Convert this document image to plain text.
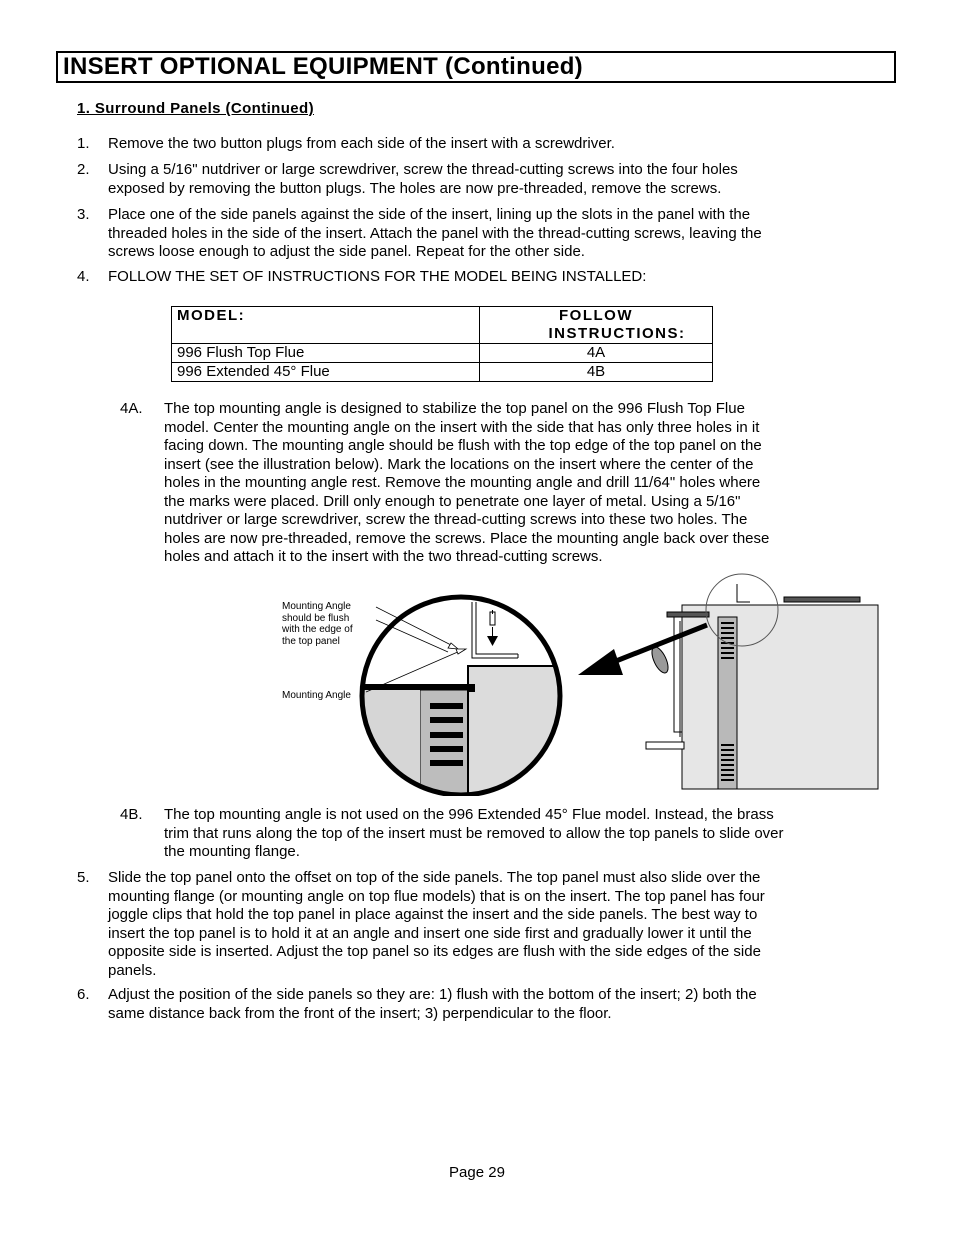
INSERT OPTIONAL EQUIPMENT (Continued)
1. Surround Panels (Continued)
1. Remove the two button plugs from each side of the insert with a screwdriver.
2. Using a 5/16" nutdriver or large screwdriver, screw the thread-cutting screws into the four holes
exposed by removing the button plugs. The holes are now pre-threaded, remove the screws.
3. Place one of the side panels against the side of the insert, lining up the slots in the panel with the
threaded holes in the side of the insert. Attach the panel with the thread-cutting screws, leaving the
screws loose enough to adjust the side panel. Repeat for the other side.
4. FOLLOW THE SET OF INSTRUCTIONS FOR THE MODEL BEING INSTALLED:
MODEL:	FOLLOW
INSTRUCTIONS:

996 Flush Top Flue	4A
996 Extended 45° Flue	4B
4A. The top mounting angle is designed to stabilize the top panel on the 996 Flush Top Flue
model. Center the mounting angle on the insert with the side that has only three holes in it
facing down. The mounting angle should be flush with the top edge of the top panel on the
insert (see the illustration below). Mark the locations on the insert where the center of the
holes in the mounting angle rest. Remove the mounting angle and drill 11/64" holes where
the marks were placed. Drill only enough to penetrate one layer of metal. Using a 5/16"
nutdriver or large screwdriver, screw the thread-cutting screws into these two holes. The
holes are now pre-threaded, remove the screws. Place the mounting angle back over these
holes and attach it to the insert with the two thread-cutting screws.
Mounting Angle
should be flush
with the edge of
the top panel
Mounting Angle
4B. The top mounting angle is not used on the 996 Extended 45° Flue model. Instead, the brass
trim that runs along the top of the insert must be removed to allow the top panels to slide over
the mounting flange.
5. Slide the top panel onto the offset on top of the side panels. The top panel must also slide over the
mounting flange (or mounting angle on top flue models) that is on the insert. The top panel has four
joggle clips that hold the top panel in place against the insert and the side panels. The best way to
insert the top panel is to hold it at an angle and insert one side first and gradually lower it until the
opposite side is inserted. Adjust the top panel so its edges are flush with the side edges of the side
panels.
6. Adjust the position of the side panels so they are: 1) flush with the bottom of the insert; 2) both the
same distance back from the front of the insert; 3) perpendicular to the floor.
Page 29
